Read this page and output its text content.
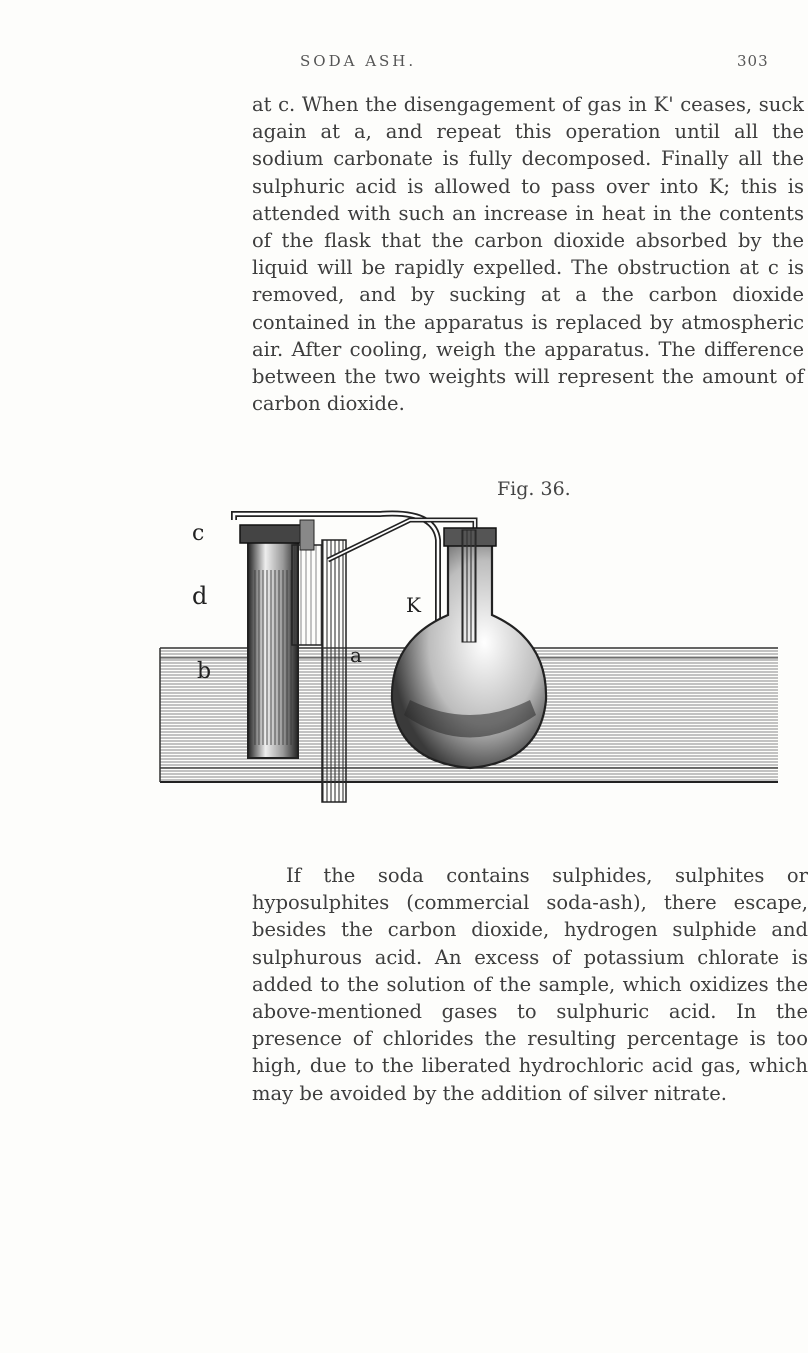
SODA ASH.	303

at c. When the disengagement of gas in K' ceases, suck again at a, and repeat this operation until all the sodium carbonate is fully decomposed. Finally all the sulphuric acid is allowed to pass over into K; this is attended with such an increase in heat in the contents of the flask that the carbon dioxide absorbed by the liquid will be rapidly expelled. The obstruction at c is removed, and by sucking at a the carbon dioxide contained in the apparatus is replaced by atmospheric air. After cooling, weigh the apparatus. The difference between the two weights will represent the amount of carbon dioxide.

Fig. 36.

c
d
b
K
a

If the soda contains sulphides, sulphites or hyposulphites (commercial soda-ash), there escape, besides the carbon dioxide, hydrogen sulphide and sulphurous acid. An excess of potassium chlorate is added to the solution of the sample, which oxidizes the above-mentioned gases to sulphuric acid. In the presence of chlorides the resulting percentage is too high, due to the liberated hydrochloric acid gas, which may be avoided by the addition of silver nitrate.
